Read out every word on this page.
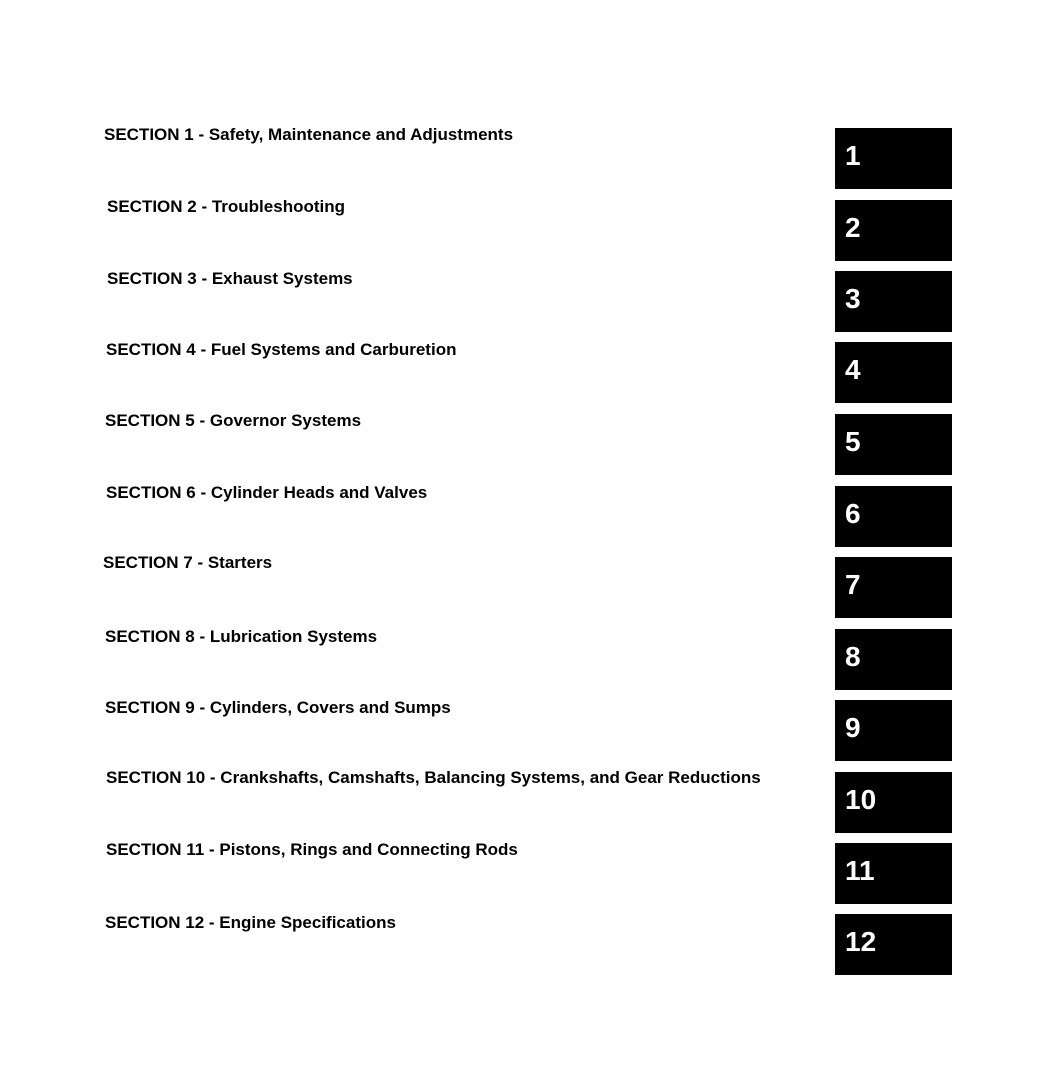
SECTION 1 - Safety, Maintenance and Adjustments
SECTION 2 - Troubleshooting
SECTION 3 - Exhaust Systems
SECTION 4 - Fuel Systems and Carburetion
SECTION 5 - Governor Systems
SECTION 6 - Cylinder Heads and Valves
SECTION 7 - Starters
SECTION 8 - Lubrication Systems
SECTION 9 - Cylinders, Covers and Sumps
SECTION 10 - Crankshafts, Camshafts, Balancing Systems, and Gear Reductions
SECTION 11 - Pistons, Rings and Connecting Rods
SECTION 12 - Engine Specifications
1
2
3
4
5
6
7
8
9
10
11
12
